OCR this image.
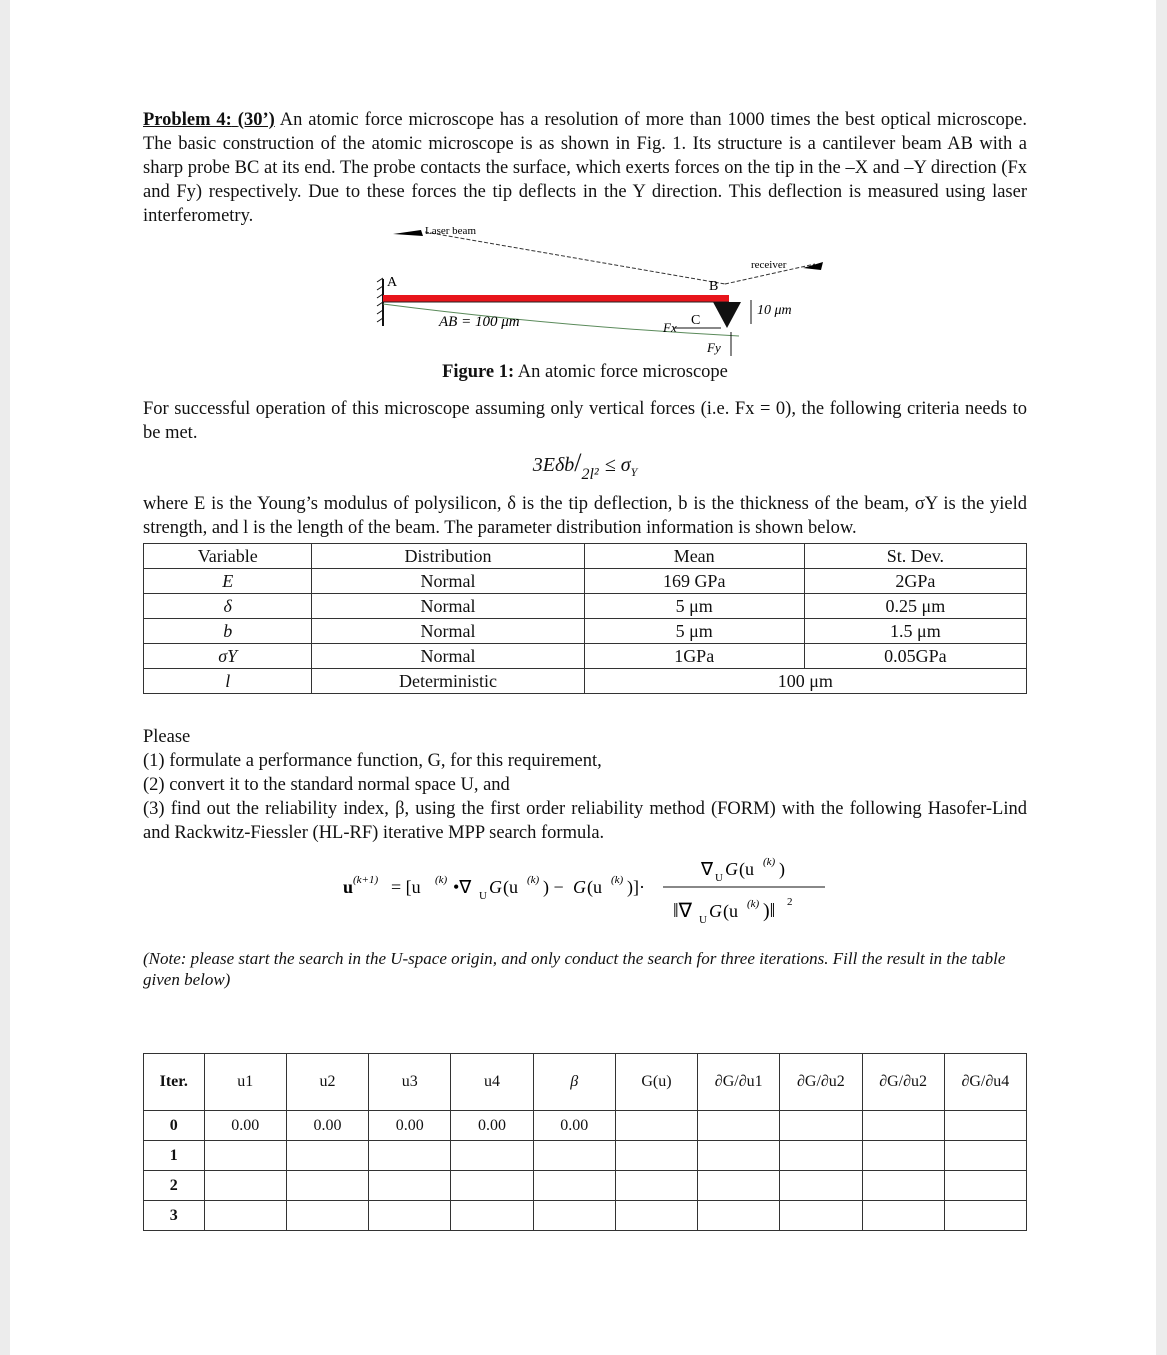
Problem 4: (30’) An atomic force microscope has a resolution of more than 1000 times the best optical microscope. The basic construction of the atomic microscope is as shown in Fig. 1. Its structure is a cantilever beam AB with a sharp probe BC at its end. The probe contacts the surface, which exerts forces on the tip in the –X and –Y direction (Fx and Fy) respectively. Due to these forces the tip deflects in the Y direction. This deflection is measured using laser interferometry.

Laser beam
receiver
A	B
C
10 μm
AB = 100 μm	Fx
Fy

Figure 1: An atomic force microscope

For successful operation of this microscope assuming only vertical forces (i.e. Fx = 0), the following criteria needs to be met.

$3E\delta b/_{2l^2} \le \sigma_Y$

where E is the Young’s modulus of polysilicon, δ is the tip deflection, b is the thickness of the beam, σY is the yield strength, and l is the length of the beam. The parameter distribution information is shown below.

Variable	Distribution	Mean	St. Dev.
E	Normal	169 GPa	2GPa
δ	Normal	5 μm	0.25 μm
b	Normal	5 μm	1.5 μm
σY	Normal	1GPa	0.05GPa
l	Deterministic	100 μm	

Please

(1) formulate a performance function, G, for this requirement,

(2) convert it to the standard normal space U, and

(3) find out the reliability index, β, using the first order reliability method (FORM) with the following Hasofer-Lind and Rackwitz-Fiessler (HL-RF) iterative MPP search formula.

u (k+1) = [u (k) •∇ U G (u (k) ) − G (u (k) )]·
∇ U G (u (k) )
‖∇ U G (u (k) )‖ 2

(Note: please start the search in the U-space origin, and only conduct the search for three iterations. Fill the result in the table given below)

Iter.	u1	u2	u3	u4	β	G(u)	∂G/∂u1	∂G/∂u2	∂G/∂u2	∂G/∂u4
0	0.00	0.00	0.00	0.00	0.00					
1										
2										
3										
